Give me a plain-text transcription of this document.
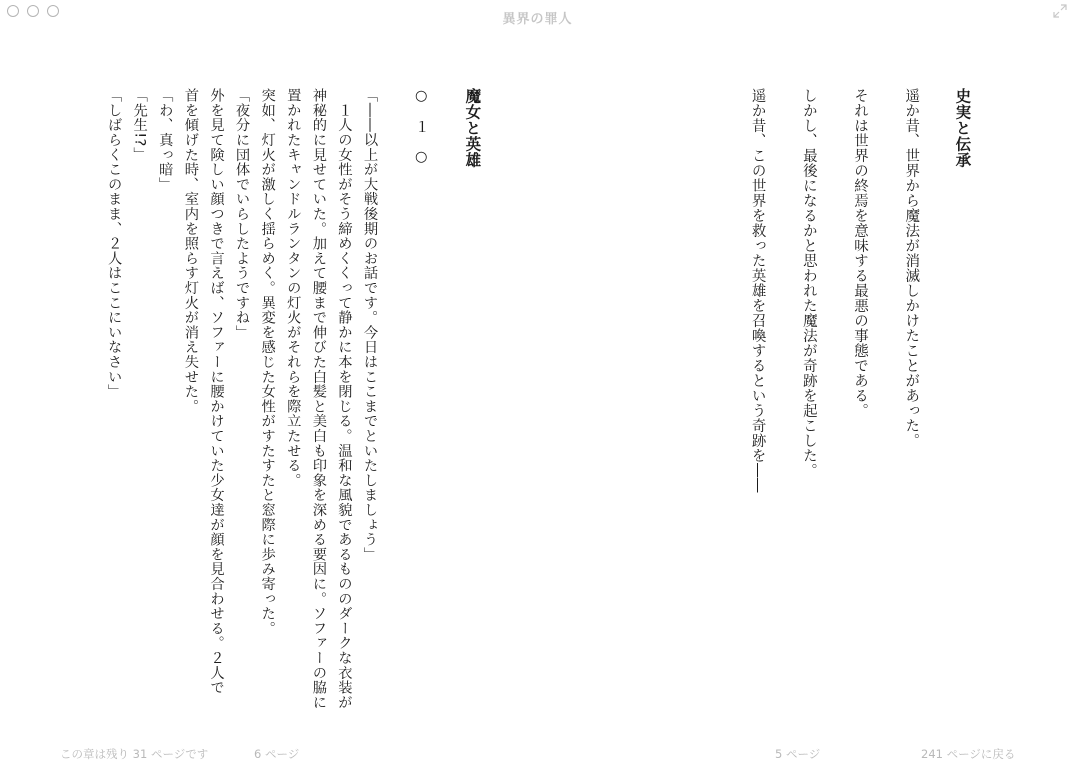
異界の罪人
史実と伝承
遥か昔、世界から魔法が消滅しかけたことがあった。
それは世界の終焉を意味する最悪の事態である。
しかし、最後になるかと思われた魔法が奇跡を起こした。
遥か昔、この世界を救った英雄を召喚するという奇跡を――
魔女と英雄
○　１　○
「――以上が大戦後期のお話です。今日はここまでといたしましょう」
　１人の女性がそう締めくくって静かに本を閉じる。温和な風貌であるもののダークな衣装が
神秘的に見せていた。加えて腰まで伸びた白髪と美白も印象を深める要因に。ソファーの脇に
置かれたキャンドルランタンの灯火がそれらを際立たせる。
突如、灯火が激しく揺らめく。異変を感じた女性がすたすたと窓際に歩み寄った。
「夜分に団体でいらしたようですね」
外を見て険しい顔つきで言えば、ソファーに腰かけていた少女達が顔を見合わせる。２人で
首を傾げた時、室内を照らす灯火が消え失せた。
「わ、真っ暗」
「先生!?」
「しばらくこのまま、２人はここにいなさい」
この章は残り 31 ページです	6 ページ	5 ページ	241 ページに戻る
